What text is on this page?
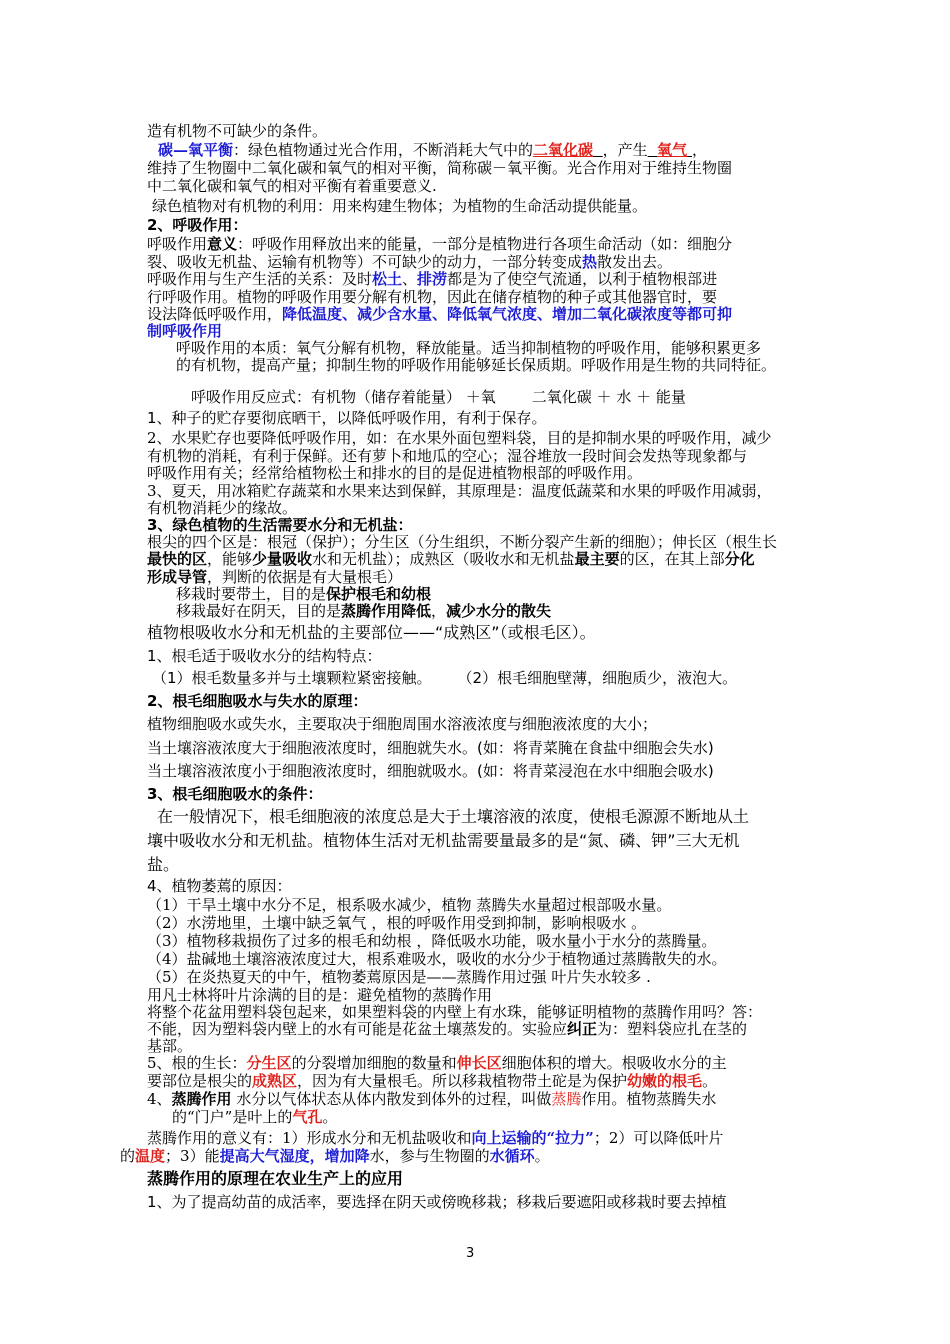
造有机物不可缺少的条件。
碳—氧平衡：绿色植物通过光合作用，不断消耗大气中的二氧化碳 ，产生 氧气 ，
维持了生物圈中二氧化碳和氧气的相对平衡，简称碳－氧平衡。光合作用对于维持生物圈
中二氧化碳和氧气的相对平衡有着重要意义.
绿色植物对有机物的利用：用来构建生物体；为植物的生命活动提供能量。
2、呼吸作用：
呼吸作用意义：呼吸作用释放出来的能量，一部分是植物进行各项生命活动（如：细胞分
裂、吸收无机盐、运输有机物等）不可缺少的动力，一部分转变成热散发出去。
呼吸作用与生产生活的关系：及时松土、排涝都是为了使空气流通，以利于植物根部进
行呼吸作用。植物的呼吸作用要分解有机物，因此在储存植物的种子或其他器官时，要
设法降低呼吸作用，降低温度、减少含水量、降低氧气浓度、增加二氧化碳浓度等都可抑
制呼吸作用
呼吸作用的本质：氧气分解有机物，释放能量。适当抑制植物的呼吸作用，能够积累更多
的有机物，提高产量；抑制生物的呼吸作用能够延长保质期。呼吸作用是生物的共同特征。
呼吸作用反应式：有机物（储存着能量） ＋氧 二氧化碳 ＋ 水 ＋ 能量
1、种子的贮存要彻底晒干，以降低呼吸作用，有利于保存。
2、水果贮存也要降低呼吸作用，如：在水果外面包塑料袋，目的是抑制水果的呼吸作用，减少
有机物的消耗，有利于保鲜。还有萝卜和地瓜的空心；湿谷堆放一段时间会发热等现象都与
呼吸作用有关；经常给植物松土和排水的目的是促进植物根部的呼吸作用。
3、夏天，用冰箱贮存蔬菜和水果来达到保鲜，其原理是：温度低蔬菜和水果的呼吸作用减弱，
有机物消耗少的缘故。
3、绿色植物的生活需要水分和无机盐：
根尖的四个区是：根冠（保护）；分生区（分生组织，不断分裂产生新的细胞）；伸长区（根生长
最快的区，能够少量吸收水和无机盐）；成熟区（吸收水和无机盐最主要的区，在其上部分化
形成导管，判断的依据是有大量根毛）
移栽时要带土，目的是保护根毛和幼根
移栽最好在阴天，目的是蒸腾作用降低，减少水分的散失
植物根吸收水分和无机盐的主要部位——“成熟区”（或根毛区）。
1、根毛适于吸收水分的结构特点：
（1）根毛数量多并与土壤颗粒紧密接触。 （2）根毛细胞壁薄，细胞质少，液泡大。
2、根毛细胞吸水与失水的原理：
植物细胞吸水或失水，主要取决于细胞周围水溶液浓度与细胞液浓度的大小；
当土壤溶液浓度大于细胞液浓度时，细胞就失水。(如：将青菜腌在食盐中细胞会失水)
当土壤溶液浓度小于细胞液浓度时，细胞就吸水。(如：将青菜浸泡在水中细胞会吸水)
3、根毛细胞吸水的条件：
在一般情况下，根毛细胞液的浓度总是大于土壤溶液的浓度，使根毛源源不断地从土
壤中吸收水分和无机盐。植物体生活对无机盐需要量最多的是“氮、磷、钾”三大无机
盐。
4、植物萎蔫的原因：
（1）干旱土壤中水分不足，根系吸水减少，植物 蒸腾失水量超过根部吸水量。
（2）水涝地里，土壤中缺乏氧气 ，根的呼吸作用受到抑制，影响根吸水 。
（3）植物移栽损伤了过多的根毛和幼根 ，降低吸水功能，吸水量小于水分的蒸腾量。
（4）盐碱地土壤溶液浓度过大，根系难吸水，吸收的水分少于植物通过蒸腾散失的水。
（5）在炎热夏天的中午，植物萎蔫原因是——蒸腾作用过强 叶片失水较多 .
用凡士林将叶片涂满的目的是：避免植物的蒸腾作用
将整个花盆用塑料袋包起来，如果塑料袋的内壁上有水珠，能够证明植物的蒸腾作用吗？答：
不能，因为塑料袋内壁上的水有可能是花盆土壤蒸发的。实验应纠正为：塑料袋应扎在茎的
基部。
5、根的生长：分生区的分裂增加细胞的数量和伸长区细胞体积的增大。根吸收水分的主
要部位是根尖的成熟区，因为有大量根毛。所以移栽植物带土砣是为保护幼嫩的根毛。
4、蒸腾作用 水分以气体状态从体内散发到体外的过程，叫做蒸腾作用。植物蒸腾失水
的“门户”是叶上的气孔。
蒸腾作用的意义有：1）形成水分和无机盐吸收和向上运输的“拉力”；2）可以降低叶片
的温度；3）能提高大气湿度，增加降水，参与生物圈的水循环。
蒸腾作用的原理在农业生产上的应用
1、为了提高幼苗的成活率，要选择在阴天或傍晚移栽；移栽后要遮阳或移栽时要去掉植
3
